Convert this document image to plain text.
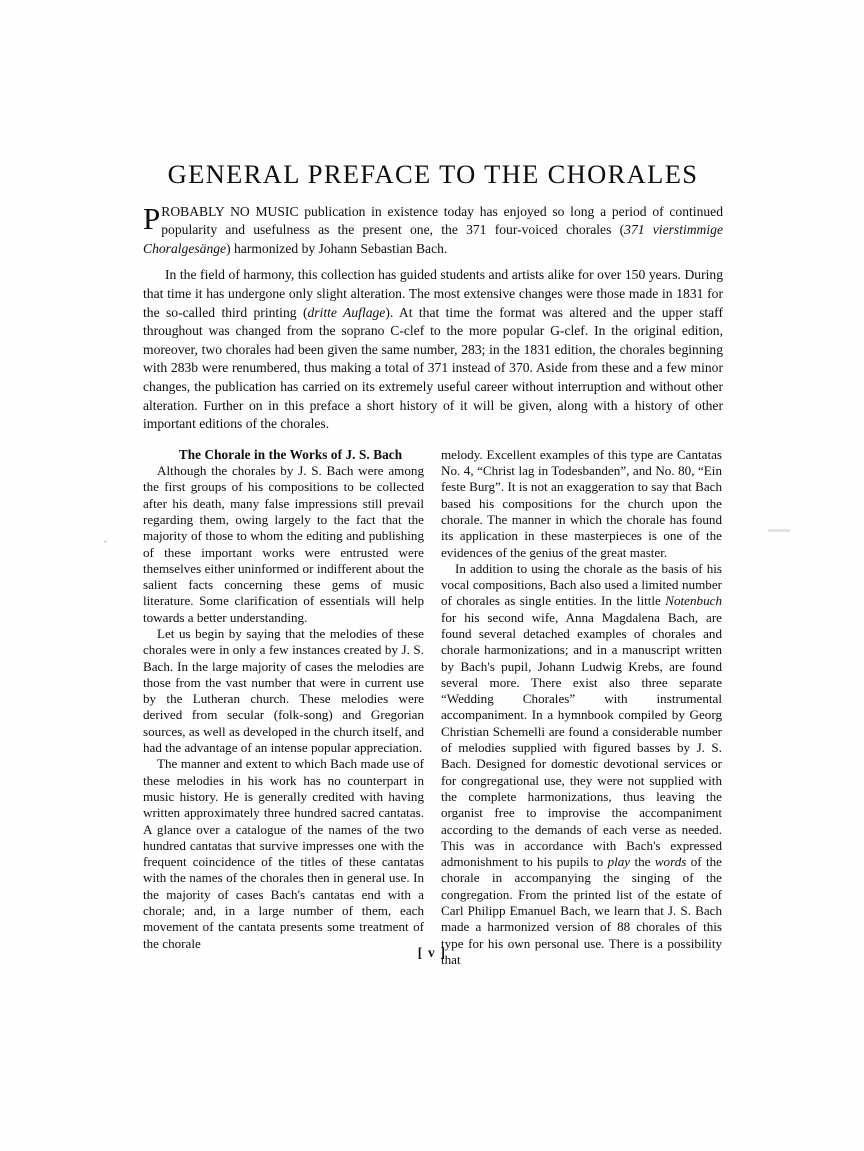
GENERAL PREFACE TO THE CHORALES

PROBABLY NO MUSIC publication in existence today has enjoyed so long a period of continued popularity and usefulness as the present one, the 371 four-voiced chorales (371 vierstimmige Choralgesänge) harmonized by Johann Sebastian Bach.

In the field of harmony, this collection has guided students and artists alike for over 150 years. During that time it has undergone only slight alteration. The most extensive changes were those made in 1831 for the so-called third printing (dritte Auflage). At that time the format was altered and the upper staff throughout was changed from the soprano C-clef to the more popular G-clef. In the original edition, moreover, two chorales had been given the same number, 283; in the 1831 edition, the chorales beginning with 283b were renumbered, thus making a total of 371 instead of 370. Aside from these and a few minor changes, the publication has carried on its extremely useful career without interruption and without other alteration. Further on in this preface a short history of it will be given, along with a history of other important editions of the chorales.

The Chorale in the Works of J. S. Bach

Although the chorales by J. S. Bach were among the first groups of his compositions to be collected after his death, many false impressions still prevail regarding them, owing largely to the fact that the majority of those to whom the editing and publishing of these important works were entrusted were themselves either uninformed or indifferent about the salient facts concerning these gems of music literature. Some clarification of essentials will help towards a better understanding.

Let us begin by saying that the melodies of these chorales were in only a few instances created by J. S. Bach. In the large majority of cases the melodies are those from the vast number that were in current use by the Lutheran church. These melodies were derived from secular (folk-song) and Gregorian sources, as well as developed in the church itself, and had the advantage of an intense popular appreciation.

The manner and extent to which Bach made use of these melodies in his work has no counterpart in music history. He is generally credited with having written approximately three hundred sacred cantatas. A glance over a catalogue of the names of the two hundred cantatas that survive impresses one with the frequent coincidence of the titles of these cantatas with the names of the chorales then in general use. In the majority of cases Bach's cantatas end with a chorale; and, in a large number of them, each movement of the cantata presents some treatment of the chorale

melody. Excellent examples of this type are Cantatas No. 4, “Christ lag in Todesbanden”, and No. 80, “Ein feste Burg”. It is not an exaggeration to say that Bach based his compositions for the church upon the chorale. The manner in which the chorale has found its application in these masterpieces is one of the evidences of the genius of the great master.

In addition to using the chorale as the basis of his vocal compositions, Bach also used a limited number of chorales as single entities. In the little Notenbuch for his second wife, Anna Magdalena Bach, are found several detached examples of chorales and chorale harmonizations; and in a manuscript written by Bach's pupil, Johann Ludwig Krebs, are found several more. There exist also three separate “Wedding Chorales” with instrumental accompaniment. In a hymnbook compiled by Georg Christian Schemelli are found a considerable number of melodies supplied with figured basses by J. S. Bach. Designed for domestic devotional services or for congregational use, they were not supplied with the complete harmonizations, thus leaving the organist free to improvise the accompaniment according to the demands of each verse as needed. This was in accordance with Bach's expressed admonishment to his pupils to play the words of the chorale in accompanying the singing of the congregation. From the printed list of the estate of Carl Philipp Emanuel Bach, we learn that J. S. Bach made a harmonized version of 88 chorales of this type for his own personal use. There is a possibility that

[ v ]
